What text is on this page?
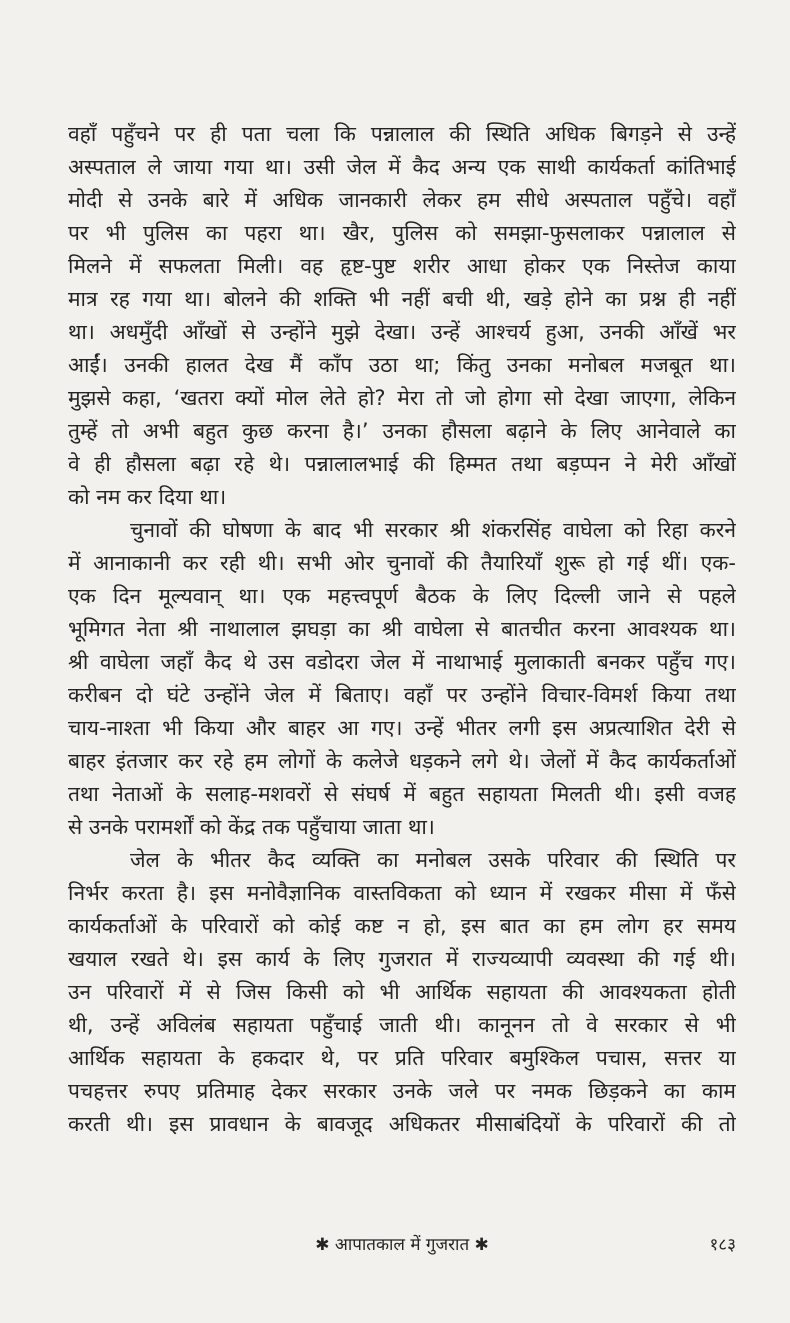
वहाँ पहुँचने पर ही पता चला कि पन्नालाल की स्थिति अधिक बिगड़ने से उन्हें
अस्पताल ले जाया गया था। उसी जेल में कैद अन्य एक साथी कार्यकर्ता कांतिभाई
मोदी से उनके बारे में अधिक जानकारी लेकर हम सीधे अस्पताल पहुँचे। वहाँ
पर भी पुलिस का पहरा था। खैर, पुलिस को समझा-फुसलाकर पन्नालाल से
मिलने में सफलता मिली। वह हृष्ट-पुष्ट शरीर आधा होकर एक निस्तेज काया
मात्र रह गया था। बोलने की शक्ति भी नहीं बची थी, खड़े होने का प्रश्न ही नहीं
था। अधमुँदी आँखों से उन्होंने मुझे देखा। उन्हें आश्चर्य हुआ, उनकी आँखें भर
आईं। उनकी हालत देख मैं काँप उठा था; किंतु उनका मनोबल मजबूत था।
मुझसे कहा, ‘खतरा क्यों मोल लेते हो? मेरा तो जो होगा सो देखा जाएगा, लेकिन
तुम्हें तो अभी बहुत कुछ करना है।’ उनका हौसला बढ़ाने के लिए आनेवाले का
वे ही हौसला बढ़ा रहे थे। पन्नालालभाई की हिम्मत तथा बड़प्पन ने मेरी आँखों
को नम कर दिया था।
चुनावों की घोषणा के बाद भी सरकार श्री शंकरसिंह वाघेला को रिहा करने
में आनाकानी कर रही थी। सभी ओर चुनावों की तैयारियाँ शुरू हो गई थीं। एक-
एक दिन मूल्यवान् था। एक महत्त्वपूर्ण बैठक के लिए दिल्ली जाने से पहले
भूमिगत नेता श्री नाथालाल झघड़ा का श्री वाघेला से बातचीत करना आवश्यक था।
श्री वाघेला जहाँ कैद थे उस वडोदरा जेल में नाथाभाई मुलाकाती बनकर पहुँच गए।
करीबन दो घंटे उन्होंने जेल में बिताए। वहाँ पर उन्होंने विचार-विमर्श किया तथा
चाय-नाश्ता भी किया और बाहर आ गए। उन्हें भीतर लगी इस अप्रत्याशित देरी से
बाहर इंतजार कर रहे हम लोगों के कलेजे धड़कने लगे थे। जेलों में कैद कार्यकर्ताओं
तथा नेताओं के सलाह-मशवरों से संघर्ष में बहुत सहायता मिलती थी। इसी वजह
से उनके परामर्शों को केंद्र तक पहुँचाया जाता था।
जेल के भीतर कैद व्यक्ति का मनोबल उसके परिवार की स्थिति पर
निर्भर करता है। इस मनोवैज्ञानिक वास्तविकता को ध्यान में रखकर मीसा में फँसे
कार्यकर्ताओं के परिवारों को कोई कष्ट न हो, इस बात का हम लोग हर समय
खयाल रखते थे। इस कार्य के लिए गुजरात में राज्यव्यापी व्यवस्था की गई थी।
उन परिवारों में से जिस किसी को भी आर्थिक सहायता की आवश्यकता होती
थी, उन्हें अविलंब सहायता पहुँचाई जाती थी। कानूनन तो वे सरकार से भी
आर्थिक सहायता के हकदार थे, पर प्रति परिवार बमुश्किल पचास, सत्तर या
पचहत्तर रुपए प्रतिमाह देकर सरकार उनके जले पर नमक छिड़कने का काम
करती थी। इस प्रावधान के बावजूद अधिकतर मीसाबंदियों के परिवारों की तो
✱ आपातकाल में गुजरात ✱	१८३
